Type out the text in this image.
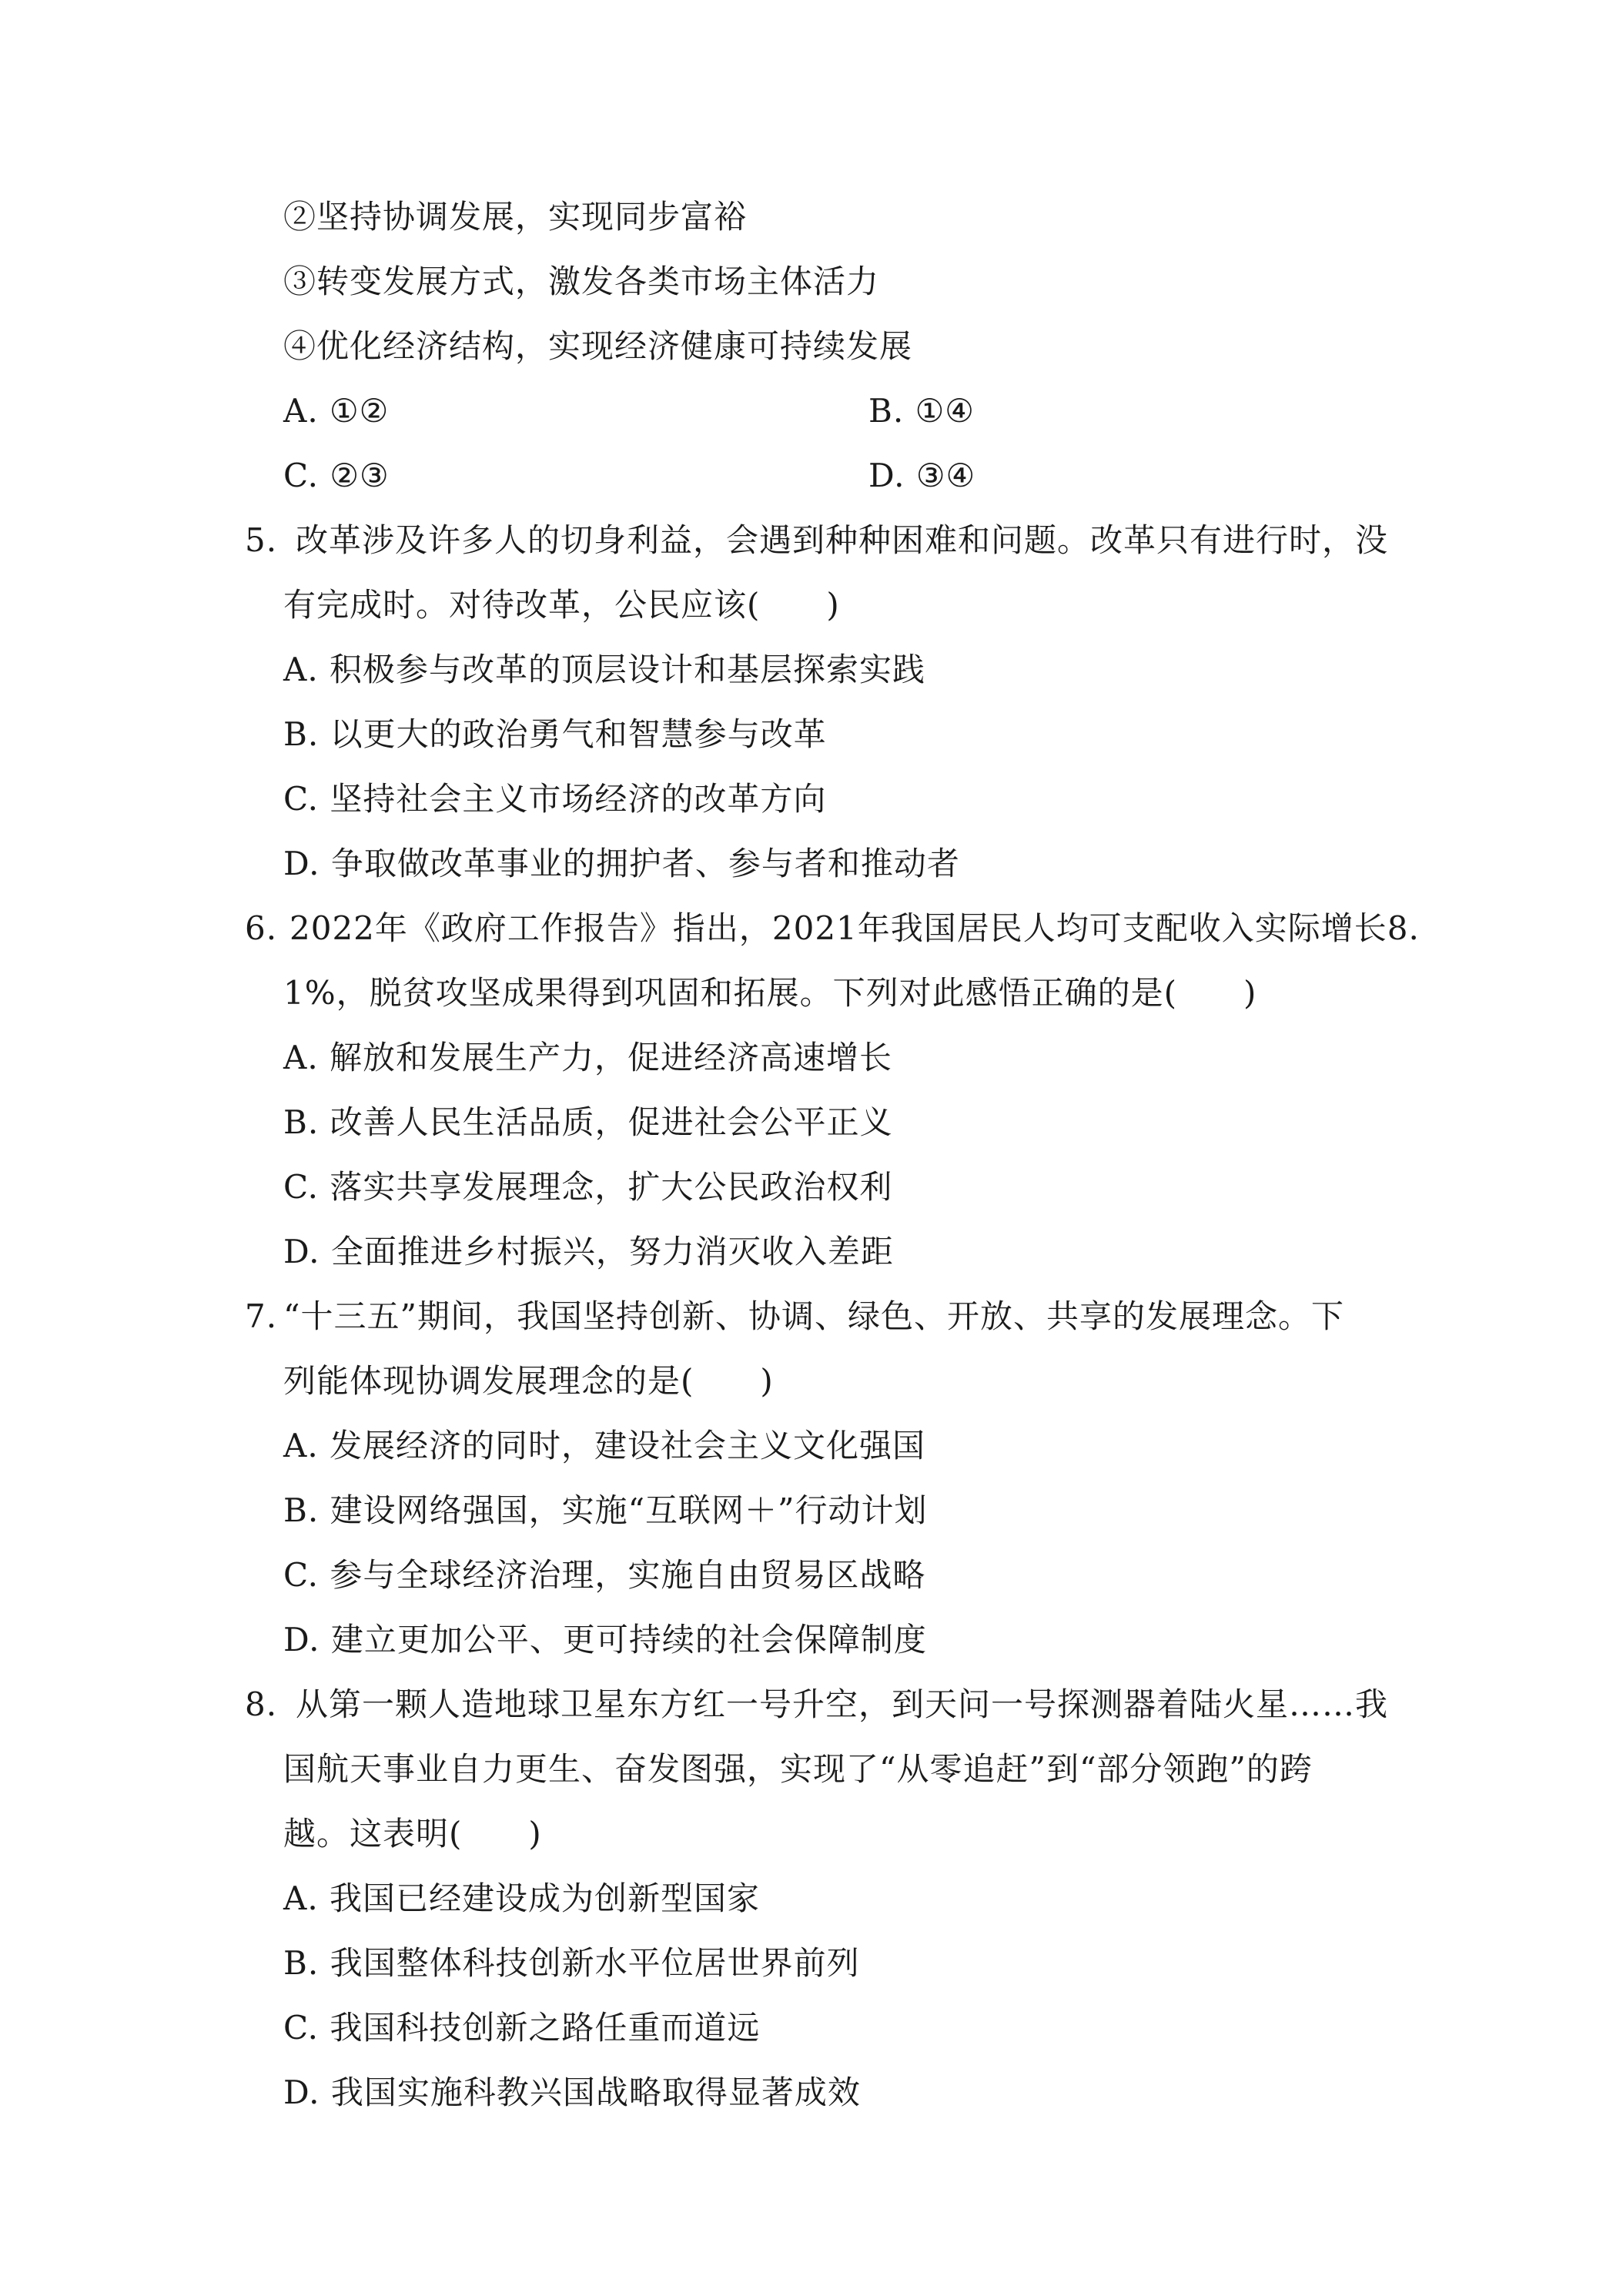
②坚持协调发展，实现同步富裕
③转变发展方式，激发各类市场主体活力
④优化经济结构，实现经济健康可持续发展
A. ①②	B. ①④
C. ②③	D. ③④
5. 改革涉及许多人的切身利益，会遇到种种困难和问题。改革只有进行时，没
有完成时。对待改革，公民应该(　　)
A. 积极参与改革的顶层设计和基层探索实践
B. 以更大的政治勇气和智慧参与改革
C. 坚持社会主义市场经济的改革方向
D. 争取做改革事业的拥护者、参与者和推动者
6. 2022年《政府工作报告》指出，2021年我国居民人均可支配收入实际增长8.
1%，脱贫攻坚成果得到巩固和拓展。下列对此感悟正确的是(　　)
A. 解放和发展生产力，促进经济高速增长
B. 改善人民生活品质，促进社会公平正义
C. 落实共享发展理念，扩大公民政治权利
D. 全面推进乡村振兴，努力消灭收入差距
7. “十三五”期间，我国坚持创新、协调、绿色、开放、共享的发展理念。下
列能体现协调发展理念的是(　　)
A. 发展经济的同时，建设社会主义文化强国
B. 建设网络强国，实施“互联网＋”行动计划
C. 参与全球经济治理，实施自由贸易区战略
D. 建立更加公平、更可持续的社会保障制度
8. 从第一颗人造地球卫星东方红一号升空，到天问一号探测器着陆火星……我
国航天事业自力更生、奋发图强，实现了“从零追赶”到“部分领跑”的跨
越。这表明(　　)
A. 我国已经建设成为创新型国家
B. 我国整体科技创新水平位居世界前列
C. 我国科技创新之路任重而道远
D. 我国实施科教兴国战略取得显著成效
